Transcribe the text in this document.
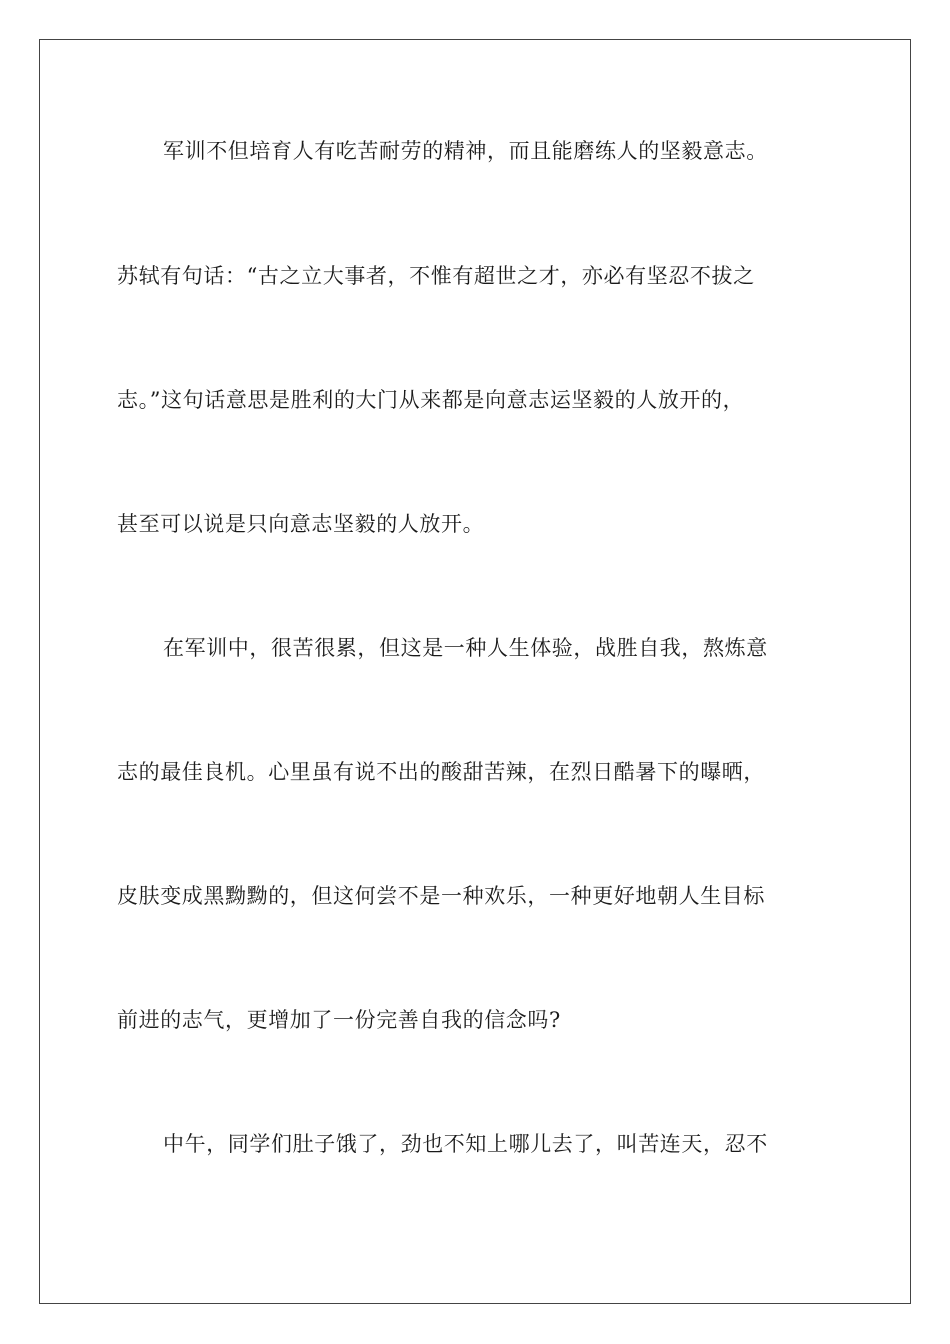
军训不但培育人有吃苦耐劳的精神，而且能磨练人的坚毅意志。
苏轼有句话：“古之立大事者，不惟有超世之才，亦必有坚忍不拔之
志。”这句话意思是胜利的大门从来都是向意志运坚毅的人放开的，
甚至可以说是只向意志坚毅的人放开。
在军训中，很苦很累，但这是一种人生体验，战胜自我，熬炼意
志的最佳良机。心里虽有说不出的酸甜苦辣，在烈日酷暑下的曝晒，
皮肤变成黑黝黝的，但这何尝不是一种欢乐，一种更好地朝人生目标
前进的志气，更增加了一份完善自我的信念吗?
中午，同学们肚子饿了，劲也不知上哪儿去了，叫苦连天，忍不
